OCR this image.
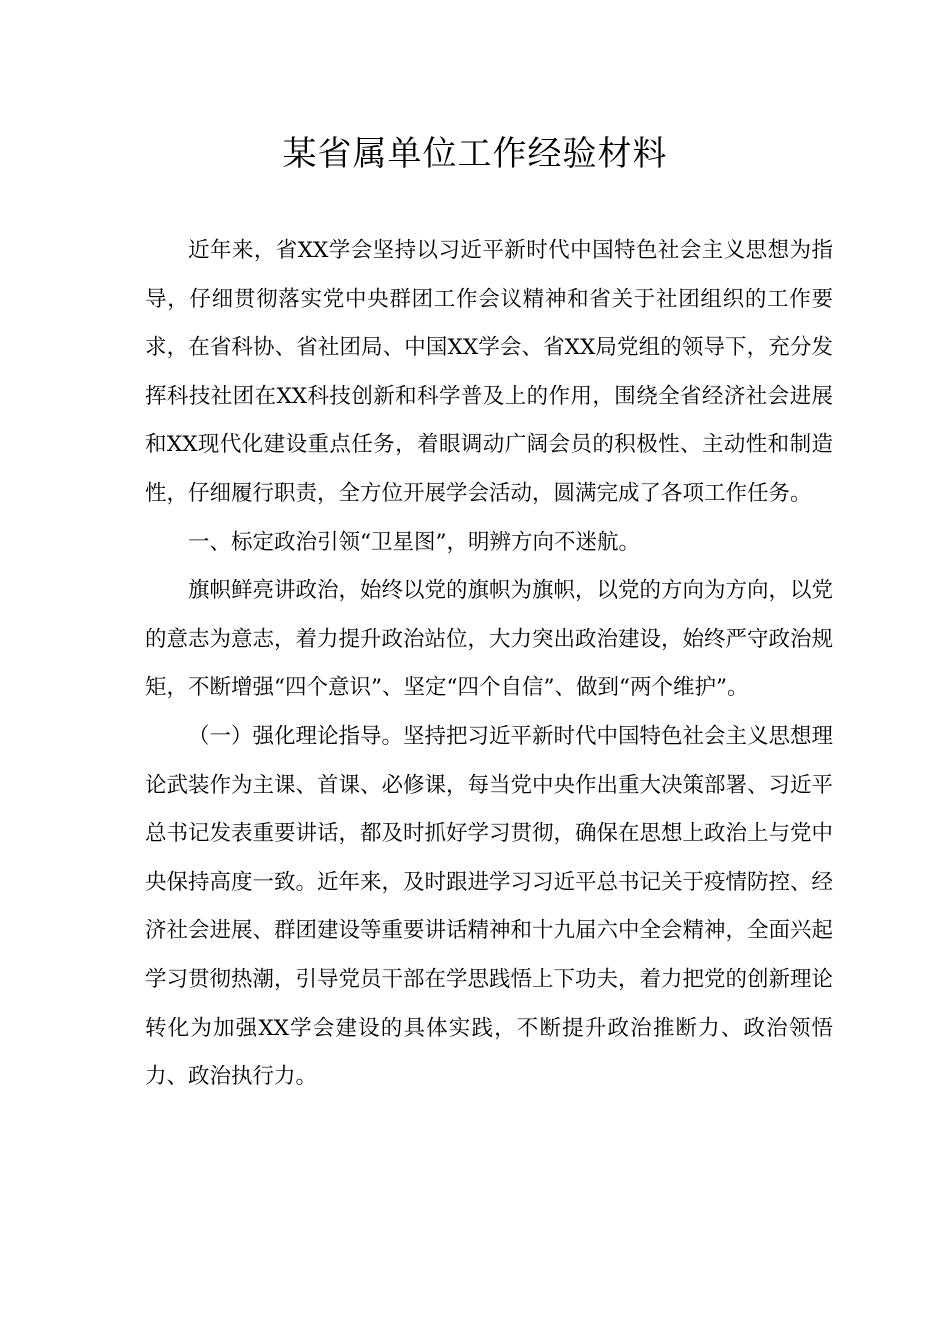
某省属单位工作经验材料

近年来，省XX学会坚持以习近平新时代中国特色社会主义思想为指导，仔细贯彻落实党中央群团工作会议精神和省关于社团组织的工作要求，在省科协、省社团局、中国XX学会、省XX局党组的领导下，充分发挥科技社团在XX科技创新和科学普及上的作用，围绕全省经济社会进展和XX现代化建设重点任务，着眼调动广阔会员的积极性、主动性和制造性，仔细履行职责，全方位开展学会活动，圆满完成了各项工作任务。

一、标定政治引领“卫星图”，明辨方向不迷航。

旗帜鲜亮讲政治，始终以党的旗帜为旗帜，以党的方向为方向，以党的意志为意志，着力提升政治站位，大力突出政治建设，始终严守政治规矩，不断增强“四个意识”、坚定“四个自信”、做到“两个维护”。

（一）强化理论指导。坚持把习近平新时代中国特色社会主义思想理论武装作为主课、首课、必修课，每当党中央作出重大决策部署、习近平总书记发表重要讲话，都及时抓好学习贯彻，确保在思想上政治上与党中央保持高度一致。近年来，及时跟进学习习近平总书记关于疫情防控、经济社会进展、群团建设等重要讲话精神和十九届六中全会精神，全面兴起学习贯彻热潮，引导党员干部在学思践悟上下功夫，着力把党的创新理论转化为加强XX学会建设的具体实践，不断提升政治推断力、政治领悟力、政治执行力。
